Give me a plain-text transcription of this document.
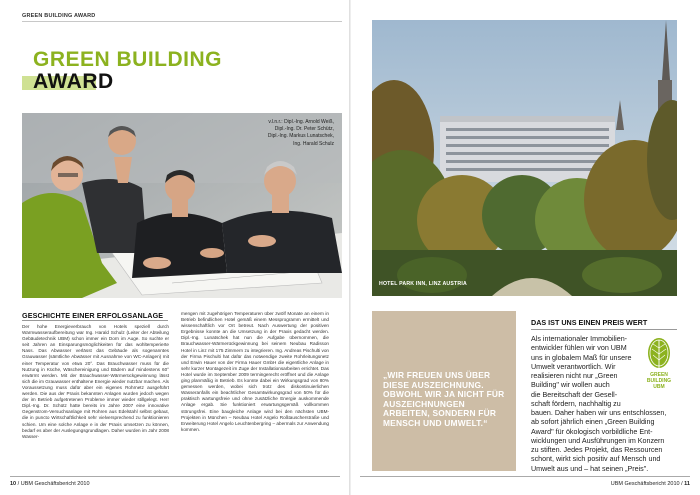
GREEN BUILDING AWARD
GREEN BUILDING
AWARD
v.l.n.r.: Dipl.-Ing. Arnold Weiß,
Dipl.-Ing. Dr. Peter Schütz,
Dipl.-Ing. Markus Lunatschek,
Ing. Harald Schulz
GESCHICHTE EINER ERFOLGSANLAGE
Der hohe Energieverbrauch von Hotels speziell durch Warmwasseraufbereitung war Ing. Harald Schulz (Leiter der Abteilung Gebäudetechnik UBM) schon immer ein Dorn im Auge. So suchte er seit Jahren an Einsparungsmöglichkeiten für das wohltemperierte Nass. Das Abwasser verlässt das Gebäude als sogenanntes Grauwasser (sämtliche Abwässer mit Ausnahme von WC-Anlagen) mit einer Temperatur von etwa 20°. Das Brauchwasser muss für die Nutzung in Küche, Wäschereinigung und Bädern auf mindestens 60° erwärmt werden. Mit der Brauchwasser-Wärmerückgewinnung lässt sich die im Grauwasser enthaltene Energie wieder nutzbar machen. Als Voraussetzung muss dafür aber ein eigenes Rohrnetz ausgeführt werden. Die aus der Praxis bekannten Anlagen wurden jedoch wegen der im Betrieb aufgetretenen Probleme immer wieder stillgelegt. Herr Dipl.-Ing. Dr. Schütz hatte bereits im Jahre 2007 eine innovative Gegenstrom-Versuchsanlage mit Rohren aus Edelstahl selbst gebaut, die in puncto Wirtschaftlichkeit sehr vielversprechend zu funktionieren schien. Um eine solche Anlage e in der Praxis umsetzen zu können, bedarf es aber der Auslegungsgrundlagen. Daher wurden im Jahr 2008 Wasser-
mengen mit zugehörigen Temperaturen über zwölf Monate an einem in Betrieb befindlichen Hotel gemäß einem Messprogramm ermittelt und wissenschaftlich vor Ort betreut. Nach Auswertung der positiven Ergebnisse konnte an die Umsetzung in der Praxis gedacht werden. Dipl.-Ing. Lunatschek hat nun die Aufgabe übernommen, die Brauchwasser-Wärmerückgewinnung bei seinem Neubau Radisson Hotel in Linz mit 175 Zimmern zu integrieren. Ing. Andreas Pischulti von der Firma Pischulti hat dafür das notwendige zweite Rohrleitungsnetz und Erwin Hauer von der Firma Hauer GmbH die eigentliche Anlage in sehr kurzer Montagezeit im Zuge der Installationsarbeiten errichtet. Das Hotel wurde im September 2009 termingerecht eröffnet und die Anlage ging planmäßig in Betrieb. Es konnte dabei ein Wirkungsgrad von 80% gemessen werden, wobei sich trotz des diskontinuierlichen Wasseranfalls ein beachtlicher Gesamtwirkungsgrad von 50% für die praktisch wartungsfreie und ohne zusätzliche Energie auskommende Anlage ergab. Sie funktioniert erwartungsgemäß vollkommen störungsfrei. Eine baugleiche Anlage wird bei den nächsten UBM-Projekten in München – Neubau Hotel Angelo Roßtauscherstraße und Erweiterung Hotel Angelo Leuchtenbergring – abermals zur Anwendung kommen.
10 / UBM Geschäftsbericht 2010
HOTEL PARK INN, LINZ AUSTRIA
„WIR FREUEN UNS ÜBER DIESE AUSZEICHNUNG. OBWOHL WIR JA NICHT FÜR AUSZEICHNUNGEN ARBEITEN, SONDERN FÜR MENSCH UND UMWELT.“
DAS IST UNS EINEN PREIS WERT
Als internationaler Immobilien-
entwickler fühlen wir von UBM
uns in globalem Maß für unsere
Umwelt verantwortlich. Wir
realisieren nicht nur „Green
Building" wir wollen auch
die Bereitschaft der Gesell-
schaft fördern, nachhaltig zu
bauen. Daher haben wir uns entschlossen,
ab sofort jährlich einen „Green Building
Award" für ökologisch vorbildliche Ent-
wicklungen und Ausführungen im Konzern
zu stiften. Jedes Projekt, das Ressourcen
schont, wirkt sich positiv auf Mensch und
Umwelt aus und – hat seinen „Preis".
GREEN
BUILDING
UBM
UBM Geschäftsbericht 2010 / 11
